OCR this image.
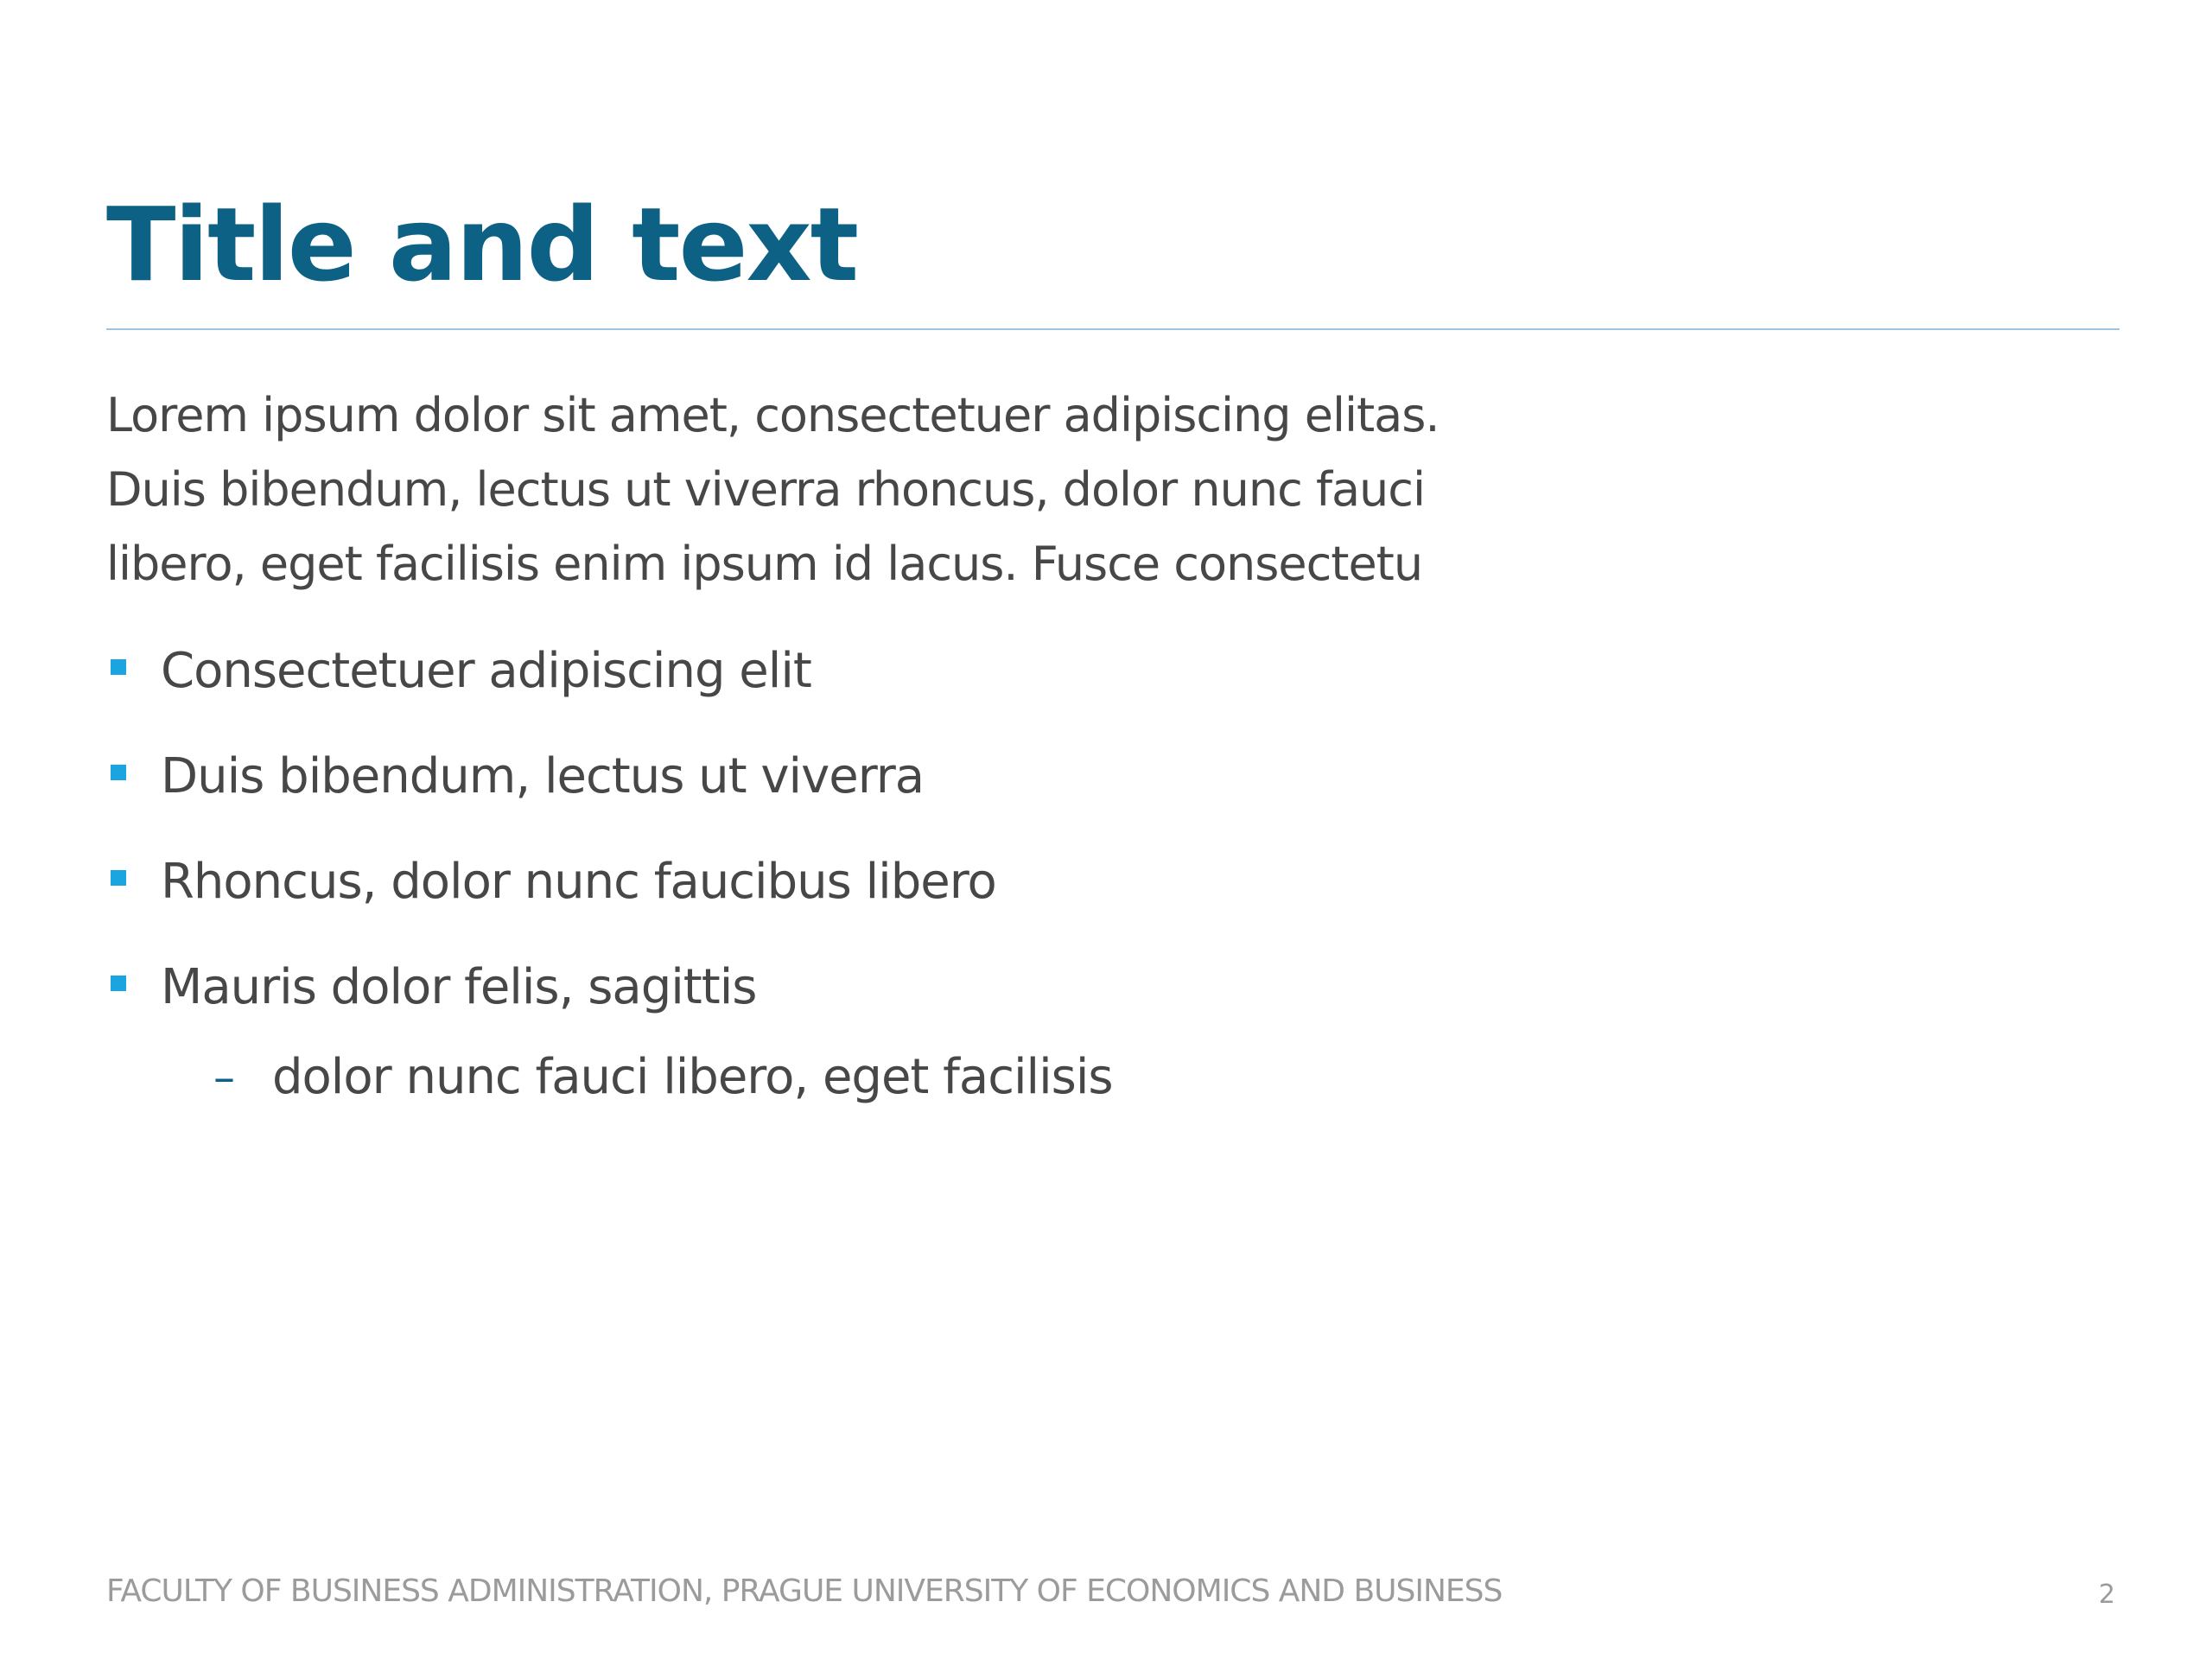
Title and text
Lorem ipsum dolor sit amet, consectetuer adipiscing elitas.
Duis bibendum, lectus ut viverra rhoncus, dolor nunc fauci
libero, eget facilisis enim ipsum id lacus. Fusce consectetu
Consectetuer adipiscing elit
Duis bibendum, lectus ut viverra
Rhoncus, dolor nunc faucibus libero
Mauris dolor felis, sagittis
– dolor nunc fauci libero, eget facilisis
FACULTY OF BUSINESS ADMINISTRATION, PRAGUE UNIVERSITY OF ECONOMICS AND BUSINESS	2
